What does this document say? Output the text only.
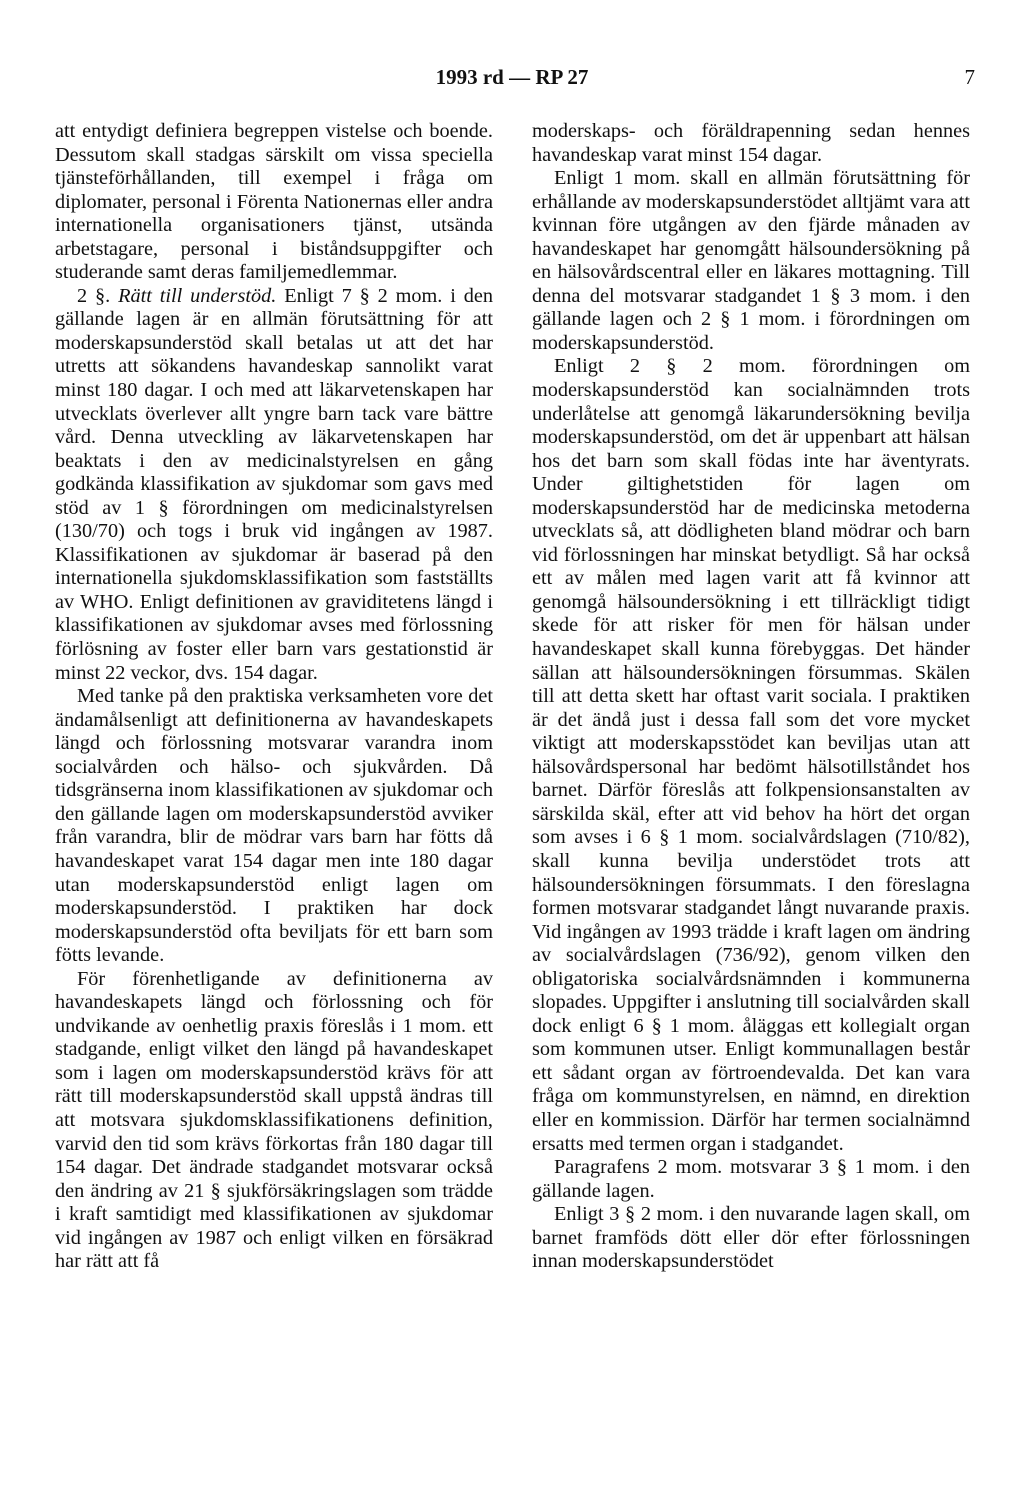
1993 rd — RP 27	7

att entydigt definiera begreppen vistelse och boende. Dessutom skall stadgas särskilt om vissa speciella tjänsteförhållanden, till exempel i fråga om diplomater, personal i Förenta Nationernas eller andra internationella organisationers tjänst, utsända arbetstagare, personal i biståndsuppgifter och studerande samt deras familjemedlemmar.

2 §. Rätt till understöd. Enligt 7 § 2 mom. i den gällande lagen är en allmän förutsättning för att moderskapsunderstöd skall betalas ut att det har utretts att sökandens havandeskap sannolikt varat minst 180 dagar. I och med att läkarvetenskapen har utvecklats överlever allt yngre barn tack vare bättre vård. Denna utveckling av läkarvetenskapen har beaktats i den av medicinalstyrelsen en gång godkända klassifikation av sjukdomar som gavs med stöd av 1 § förordningen om medicinalstyrelsen (130/70) och togs i bruk vid ingången av 1987. Klassifikationen av sjukdomar är baserad på den internationella sjukdomsklassifikation som fastställts av WHO. Enligt definitionen av graviditetens längd i klassifikationen av sjukdomar avses med förlossning förlösning av foster eller barn vars gestationstid är minst 22 veckor, dvs. 154 dagar.

Med tanke på den praktiska verksamheten vore det ändamålsenligt att definitionerna av havandeskapets längd och förlossning motsvarar varandra inom socialvården och hälso- och sjukvården. Då tidsgränserna inom klassifikationen av sjukdomar och den gällande lagen om moderskapsunderstöd avviker från varandra, blir de mödrar vars barn har fötts då havandeskapet varat 154 dagar men inte 180 dagar utan moderskapsunderstöd enligt lagen om moderskapsunderstöd. I praktiken har dock moderskapsunderstöd ofta beviljats för ett barn som fötts levande.

För förenhetligande av definitionerna av havandeskapets längd och förlossning och för undvikande av oenhetlig praxis föreslås i 1 mom. ett stadgande, enligt vilket den längd på havandeskapet som i lagen om moderskapsunderstöd krävs för att rätt till moderskapsunderstöd skall uppstå ändras till att motsvara sjukdomsklassifikationens definition, varvid den tid som krävs förkortas från 180 dagar till 154 dagar. Det ändrade stadgandet motsvarar också den ändring av 21 § sjukförsäkringslagen som trädde i kraft samtidigt med klassifikationen av sjukdomar vid ingången av 1987 och enligt vilken en försäkrad har rätt att få

moderskaps- och föräldrapenning sedan hennes havandeskap varat minst 154 dagar.

Enligt 1 mom. skall en allmän förutsättning för erhållande av moderskapsunderstödet alltjämt vara att kvinnan före utgången av den fjärde månaden av havandeskapet har genomgått hälsoundersökning på en hälsovårdscentral eller en läkares mottagning. Till denna del motsvarar stadgandet 1 § 3 mom. i den gällande lagen och 2 § 1 mom. i förordningen om moderskapsunderstöd.

Enligt 2 § 2 mom. förordningen om moderskapsunderstöd kan socialnämnden trots underlåtelse att genomgå läkarundersökning bevilja moderskapsunderstöd, om det är uppenbart att hälsan hos det barn som skall födas inte har äventyrats. Under giltighetstiden för lagen om moderskapsunderstöd har de medicinska metoderna utvecklats så, att dödligheten bland mödrar och barn vid förlossningen har minskat betydligt. Så har också ett av målen med lagen varit att få kvinnor att genomgå hälsoundersökning i ett tillräckligt tidigt skede för att risker för men för hälsan under havandeskapet skall kunna förebyggas. Det händer sällan att hälsoundersökningen försummas. Skälen till att detta skett har oftast varit sociala. I praktiken är det ändå just i dessa fall som det vore mycket viktigt att moderskapsstödet kan beviljas utan att hälsovårdspersonal har bedömt hälsotillståndet hos barnet. Därför föreslås att folkpensionsanstalten av särskilda skäl, efter att vid behov ha hört det organ som avses i 6 § 1 mom. socialvårdslagen (710/82), skall kunna bevilja understödet trots att hälsoundersökningen försummats. I den föreslagna formen motsvarar stadgandet långt nuvarande praxis. Vid ingången av 1993 trädde i kraft lagen om ändring av socialvårdslagen (736/92), genom vilken den obligatoriska socialvårdsnämnden i kommunerna slopades. Uppgifter i anslutning till socialvården skall dock enligt 6 § 1 mom. åläggas ett kollegialt organ som kommunen utser. Enligt kommunallagen består ett sådant organ av förtroendevalda. Det kan vara fråga om kommunstyrelsen, en nämnd, en direktion eller en kommission. Därför har termen socialnämnd ersatts med termen organ i stadgandet.

Paragrafens 2 mom. motsvarar 3 § 1 mom. i den gällande lagen.

Enligt 3 § 2 mom. i den nuvarande lagen skall, om barnet framföds dött eller dör efter förlossningen innan moderskapsunderstödet
